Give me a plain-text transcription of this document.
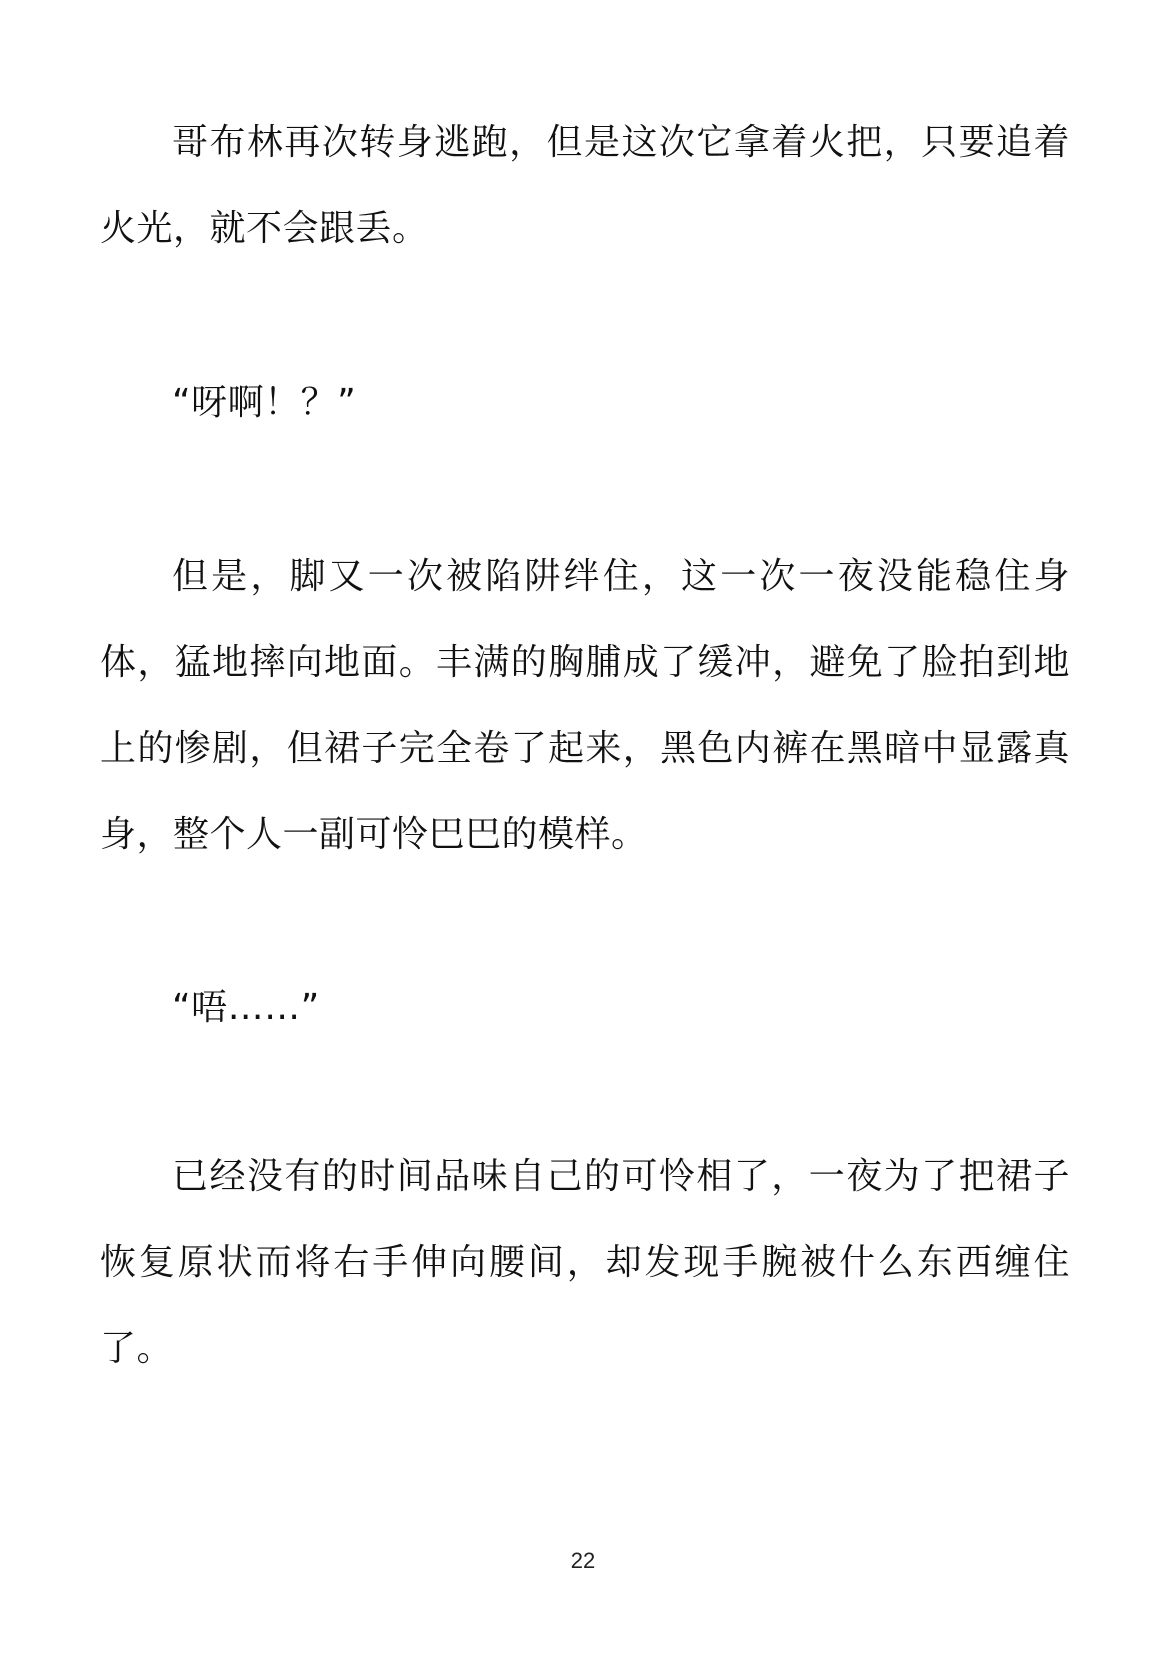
哥布林再次转身逃跑，但是这次它拿着火把，只要追着火光，就不会跟丢。

“呀啊！？”

但是，脚又一次被陷阱绊住，这一次一夜没能稳住身体，猛地摔向地面。丰满的胸脯成了缓冲，避免了脸拍到地上的惨剧，但裙子完全卷了起来，黑色内裤在黑暗中显露真身，整个人一副可怜巴巴的模样。

“唔……”

已经没有的时间品味自己的可怜相了，一夜为了把裙子恢复原状而将右手伸向腰间，却发现手腕被什么东西缠住了。

22
